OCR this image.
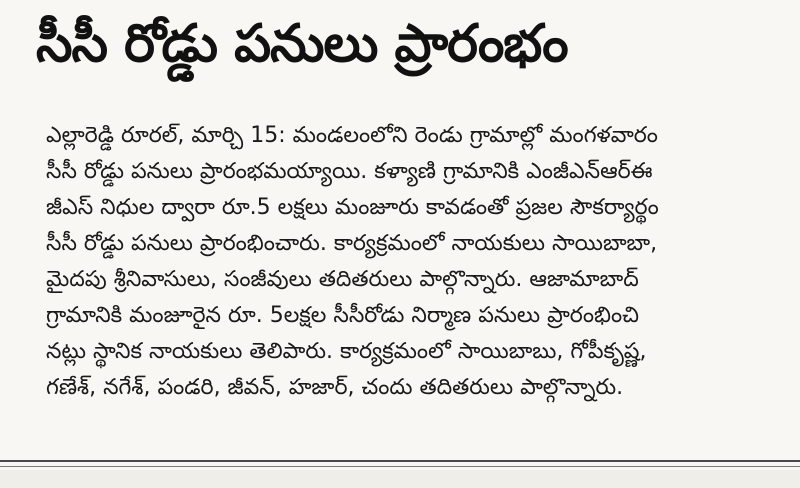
సీసీ రోడ్డు పనులు ప్రారంభం
ఎల్లారెడ్డి రూరల్, మార్చి 15: మండలంలోని రెండు గ్రామాల్లో మంగళవారం
సీసీ రోడ్డు పనులు ప్రారంభమయ్యాయి. కళ్యాణి గ్రామానికి ఎంజీఎన్‌ఆర్‌ఈ
జీఎస్ నిధుల ద్వారా రూ.5 లక్షలు మంజూరు కావడంతో ప్రజల సౌకర్యార్థం
సీసీ రోడ్డు పనులు ప్రారంభించారు. కార్యక్రమంలో నాయకులు సాయిబాబా,
మైదపు శ్రీనివాసులు, సంజీవులు తదితరులు పాల్గొన్నారు. ఆజామాబాద్
గ్రామానికి మంజూరైన రూ. 5లక్షల సీసీరోడు నిర్మాణ పనులు ప్రారంభించి
నట్లు స్థానిక నాయకులు తెలిపారు. కార్యక్రమంలో సాయిబాబు, గోపీకృష్ణ,
గణేశ్, నగేశ్, పండరి, జీవన్, హజార్, చందు తదితరులు పాల్గొన్నారు.
